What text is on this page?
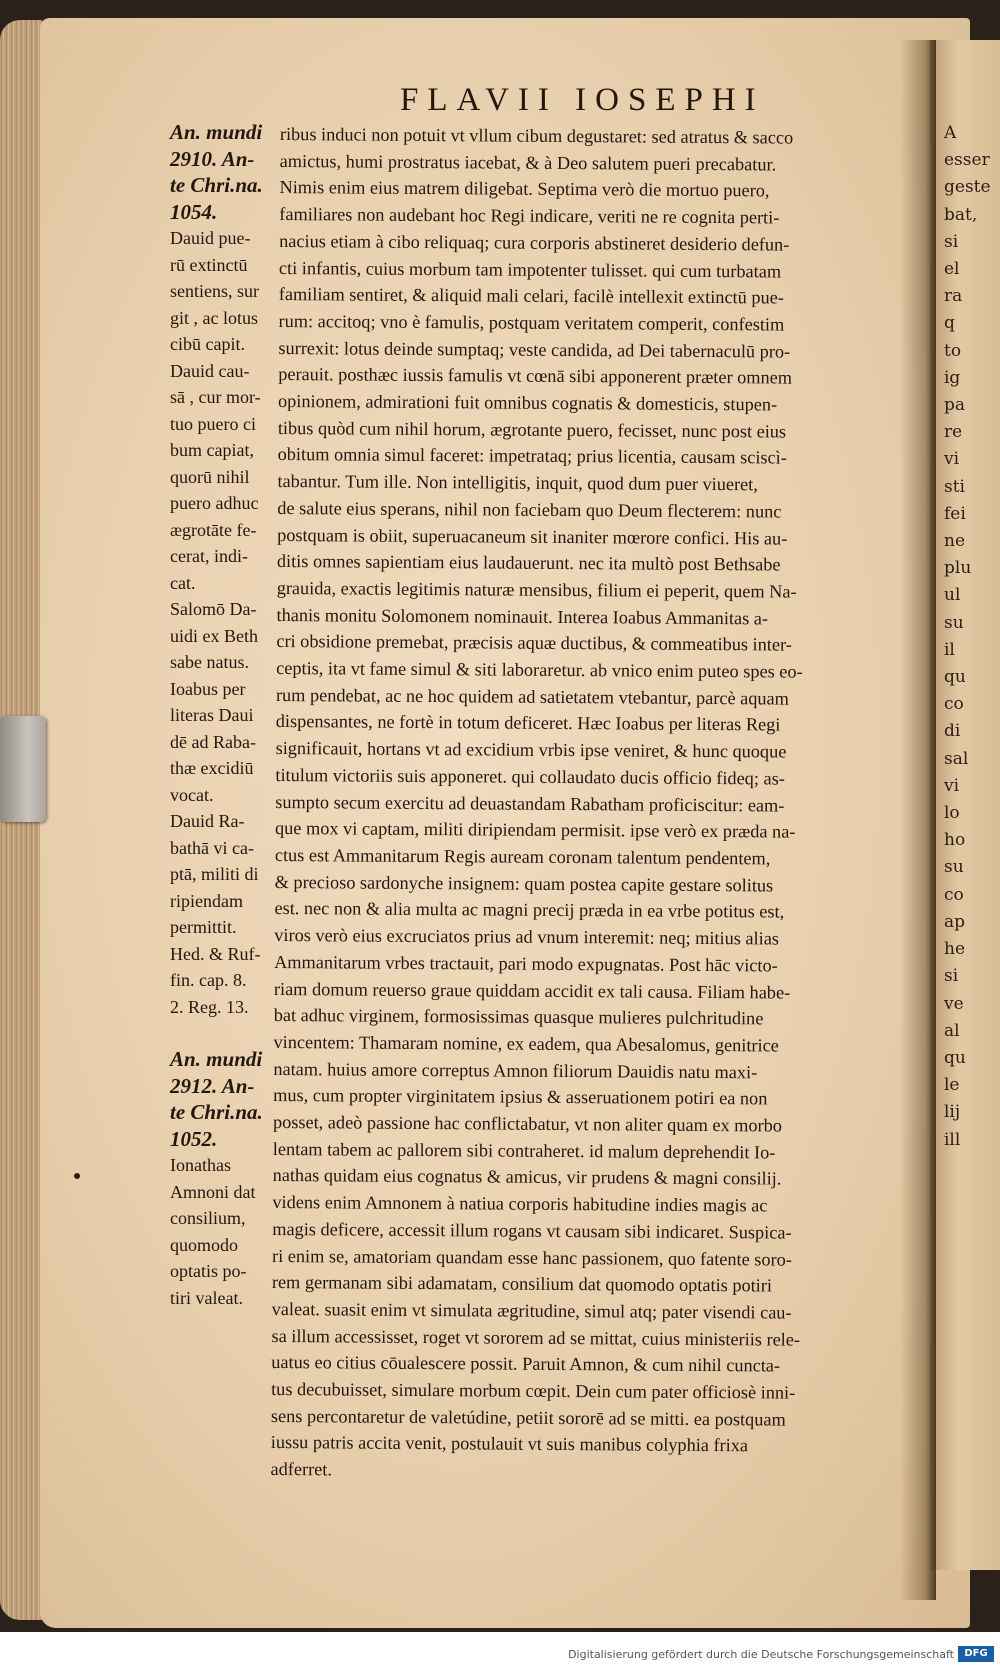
A
esser
geste
bat,
si
el
ra
q
to
ig
pa
re
vi
sti
fei
ne
plu
ul
su
il
qu
co
di
sal
vi
lo
ho
su
co
ap
he
si
ve
al
qu
le
lij
ill
FLAVII IOSEPHI
An. mundi
2910. An-
te Chri.na.
1054.
Dauid pue-
rū extinctū
sentiens, sur
git , ac lotus
cibū capit.
Dauid cau-
sā , cur mor-
tuo puero ci
bum capiat,
quorū nihil
puero adhuc
ægrotāte fe-
cerat, indi-
cat.
Salomō Da-
uidi ex Beth
sabe natus.
Ioabus per
literas Daui
dē ad Raba-
thæ excidiū
vocat.
Dauid Ra-
bathā vi ca-
ptā, militi di
ripiendam
permittit.
Hed. & Ruf-
fin. cap. 8.
2. Reg. 13.
An. mundi
2912. An-
te Chri.na.
1052.
Ionathas
Amnoni dat
consilium,
quomodo
optatis po-
tiri valeat.
ribus induci non potuit vt vllum cibum degustaret: sed atratus & sacco
amictus, humi prostratus iacebat, & à Deo salutem pueri precabatur.
Nimis enim eius matrem diligebat. Septima verò die mortuo puero,
familiares non audebant hoc Regi indicare, veriti ne re cognita perti-
nacius etiam à cibo reliquaq; cura corporis abstineret desiderio defun-
cti infantis, cuius morbum tam impotenter tulisset. qui cum turbatam
familiam sentiret, & aliquid mali celari, facilè intellexit extinctū pue-
rum: accitoq; vno è famulis, postquam veritatem comperit, confestim
surrexit: lotus deinde sumptaq; veste candida, ad Dei tabernaculū pro-
perauit. posthæc iussis famulis vt cœnā sibi apponerent præter omnem
opinionem, admirationi fuit omnibus cognatis & domesticis, stupen-
tibus quòd cum nihil horum, ægrotante puero, fecisset, nunc post eius
obitum omnia simul faceret: impetrataq; prius licentia, causam sciscì-
tabantur. Tum ille. Non intelligitis, inquit, quod dum puer viueret,
de salute eius sperans, nihil non faciebam quo Deum flecterem: nunc
postquam is obiit, superuacaneum sit inaniter mœrore confici. His au-
ditis omnes sapientiam eius laudauerunt. nec ita multò post Bethsabe
grauida, exactis legitimis naturæ mensibus, filium ei peperit, quem Na-
thanis monitu Solomonem nominauit. Interea Ioabus Ammanitas a-
cri obsidione premebat, præcisis aquæ ductibus, & commeatibus inter-
ceptis, ita vt fame simul & siti laboraretur. ab vnico enim puteo spes eo-
rum pendebat, ac ne hoc quidem ad satietatem vtebantur, parcè aquam
dispensantes, ne fortè in totum deficeret. Hæc Ioabus per literas Regi
significauit, hortans vt ad excidium vrbis ipse veniret, & hunc quoque
titulum victoriis suis apponeret. qui collaudato ducis officio fideq; as-
sumpto secum exercitu ad deuastandam Rabatham proficiscitur: eam-
que mox vi captam, militi diripiendam permisit. ipse verò ex præda na-
ctus est Ammanitarum Regis auream coronam talentum pendentem,
& precioso sardonyche insignem: quam postea capite gestare solitus
est. nec non & alia multa ac magni precij præda in ea vrbe potitus est,
viros verò eius excruciatos prius ad vnum interemit: neq; mitius alias
Ammanitarum vrbes tractauit, pari modo expugnatas. Post hāc victo-
riam domum reuerso graue quiddam accidit ex tali causa. Filiam habe-
bat adhuc virginem, formosissimas quasque mulieres pulchritudine
vincentem: Thamaram nomine, ex eadem, qua Abesalomus, genitrice
natam. huius amore correptus Amnon filiorum Dauidis natu maxi-
mus, cum propter virginitatem ipsius & asseruationem potiri ea non
posset, adeò passione hac conflictabatur, vt non aliter quam ex morbo
lentam tabem ac pallorem sibi contraheret. id malum deprehendit Io-
nathas quidam eius cognatus & amicus, vir prudens & magni consilij.
videns enim Amnonem à natiua corporis habitudine indies magis ac
magis deficere, accessit illum rogans vt causam sibi indicaret. Suspica-
ri enim se, amatoriam quandam esse hanc passionem, quo fatente soro-
rem germanam sibi adamatam, consilium dat quomodo optatis potiri
valeat. suasit enim vt simulata ægritudine, simul atq; pater visendi cau-
sa illum accessisset, roget vt sororem ad se mittat, cuius ministeriis rele-
uatus eo citius cōualescere possit. Paruit Amnon, & cum nihil cuncta-
tus decubuisset, simulare morbum cœpit. Dein cum pater officiosè inni-
sens percontaretur de valetúdine, petiit sororē ad se mitti. ea postquam
iussu patris accita venit, postulauit vt suis manibus colyphia frixa
adferret.
Digitalisierung gefördert durch die Deutsche Forschungsgemeinschaft	DFG
